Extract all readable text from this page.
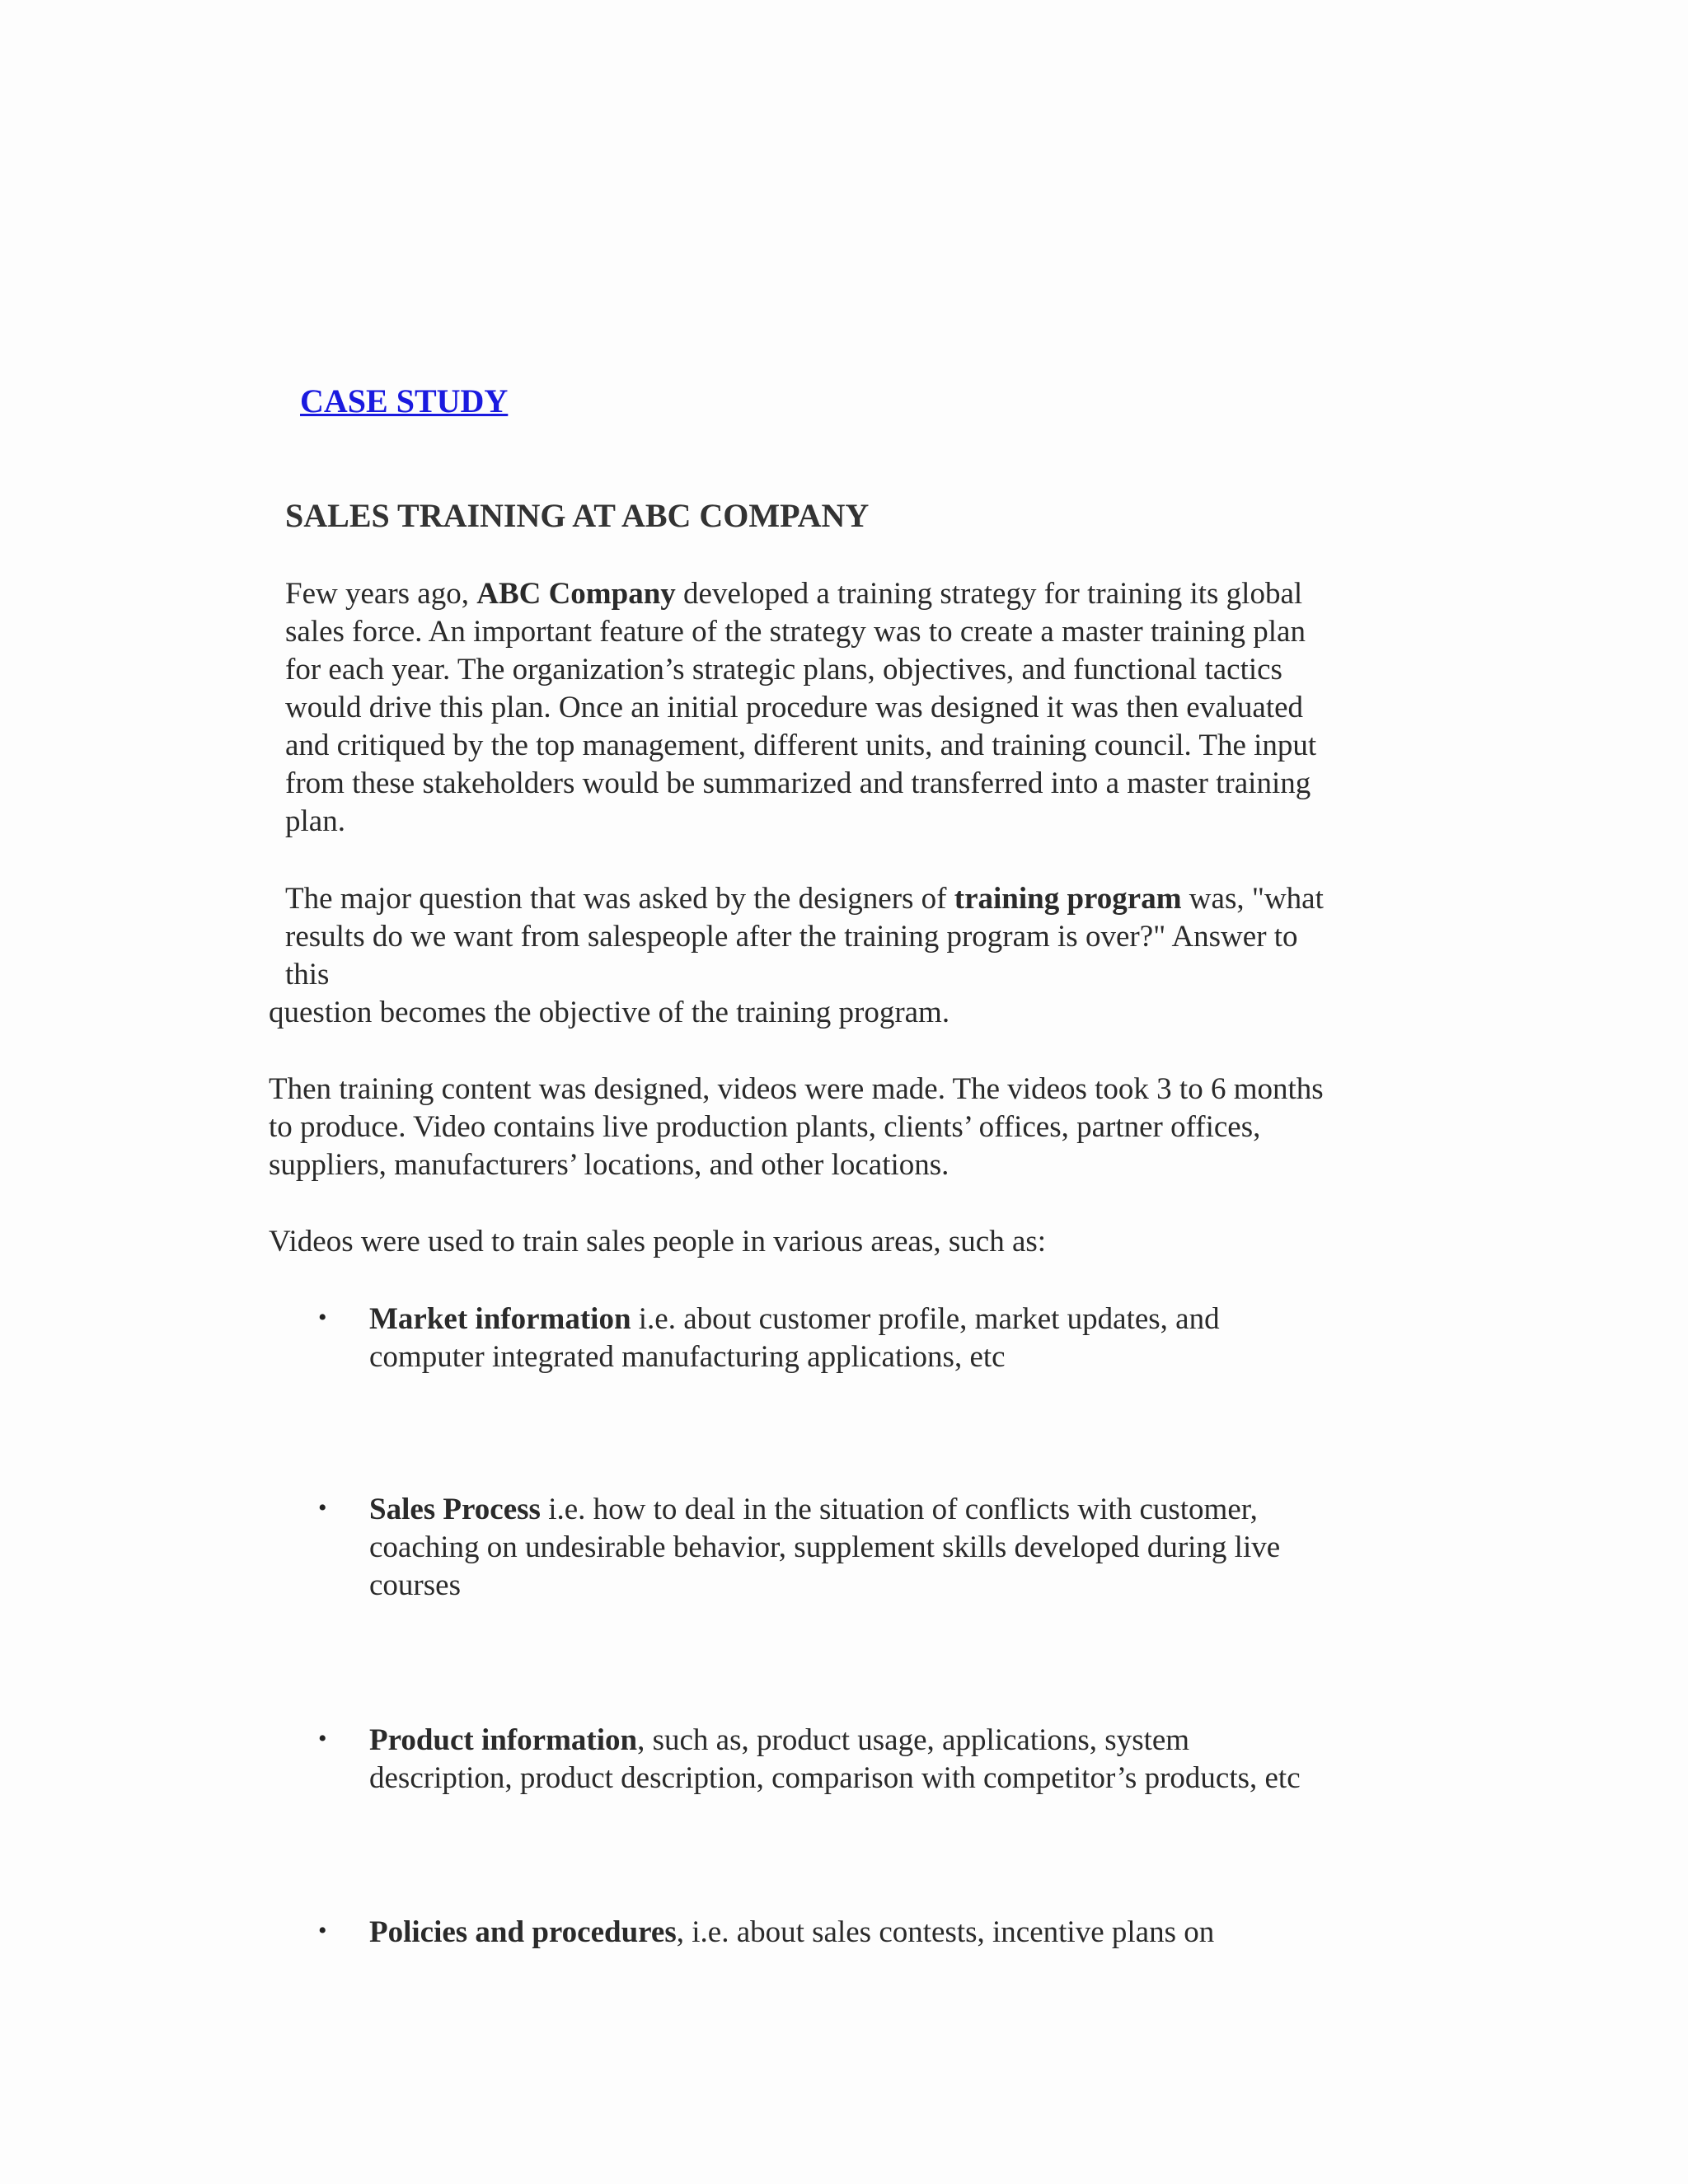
CASE STUDY
SALES TRAINING AT ABC COMPANY
Few years ago, ABC Company developed a training strategy for training its global
sales force. An important feature of the strategy was to create a master training plan
for each year. The organization’s strategic plans, objectives, and functional tactics
would drive this plan. Once an initial procedure was designed it was then evaluated
and critiqued by the top management, different units, and training council. The input
from these stakeholders would be summarized and transferred into a master training
plan.
The major question that was asked by the designers of training program was, "what
results do we want from salespeople after the training program is over?" Answer to
this
question becomes the objective of the training program.
Then training content was designed, videos were made. The videos took 3 to 6 months
to produce. Video contains live production plants, clients’ offices, partner offices,
suppliers, manufacturers’ locations, and other locations.
Videos were used to train sales people in various areas, such as:
• Market information i.e. about customer profile, market updates, and
computer integrated manufacturing applications, etc
• Sales Process i.e. how to deal in the situation of conflicts with customer,
coaching on undesirable behavior, supplement skills developed during live
courses
• Product information, such as, product usage, applications, system
description, product description, comparison with competitor’s products, etc
• Policies and procedures, i.e. about sales contests, incentive plans on
